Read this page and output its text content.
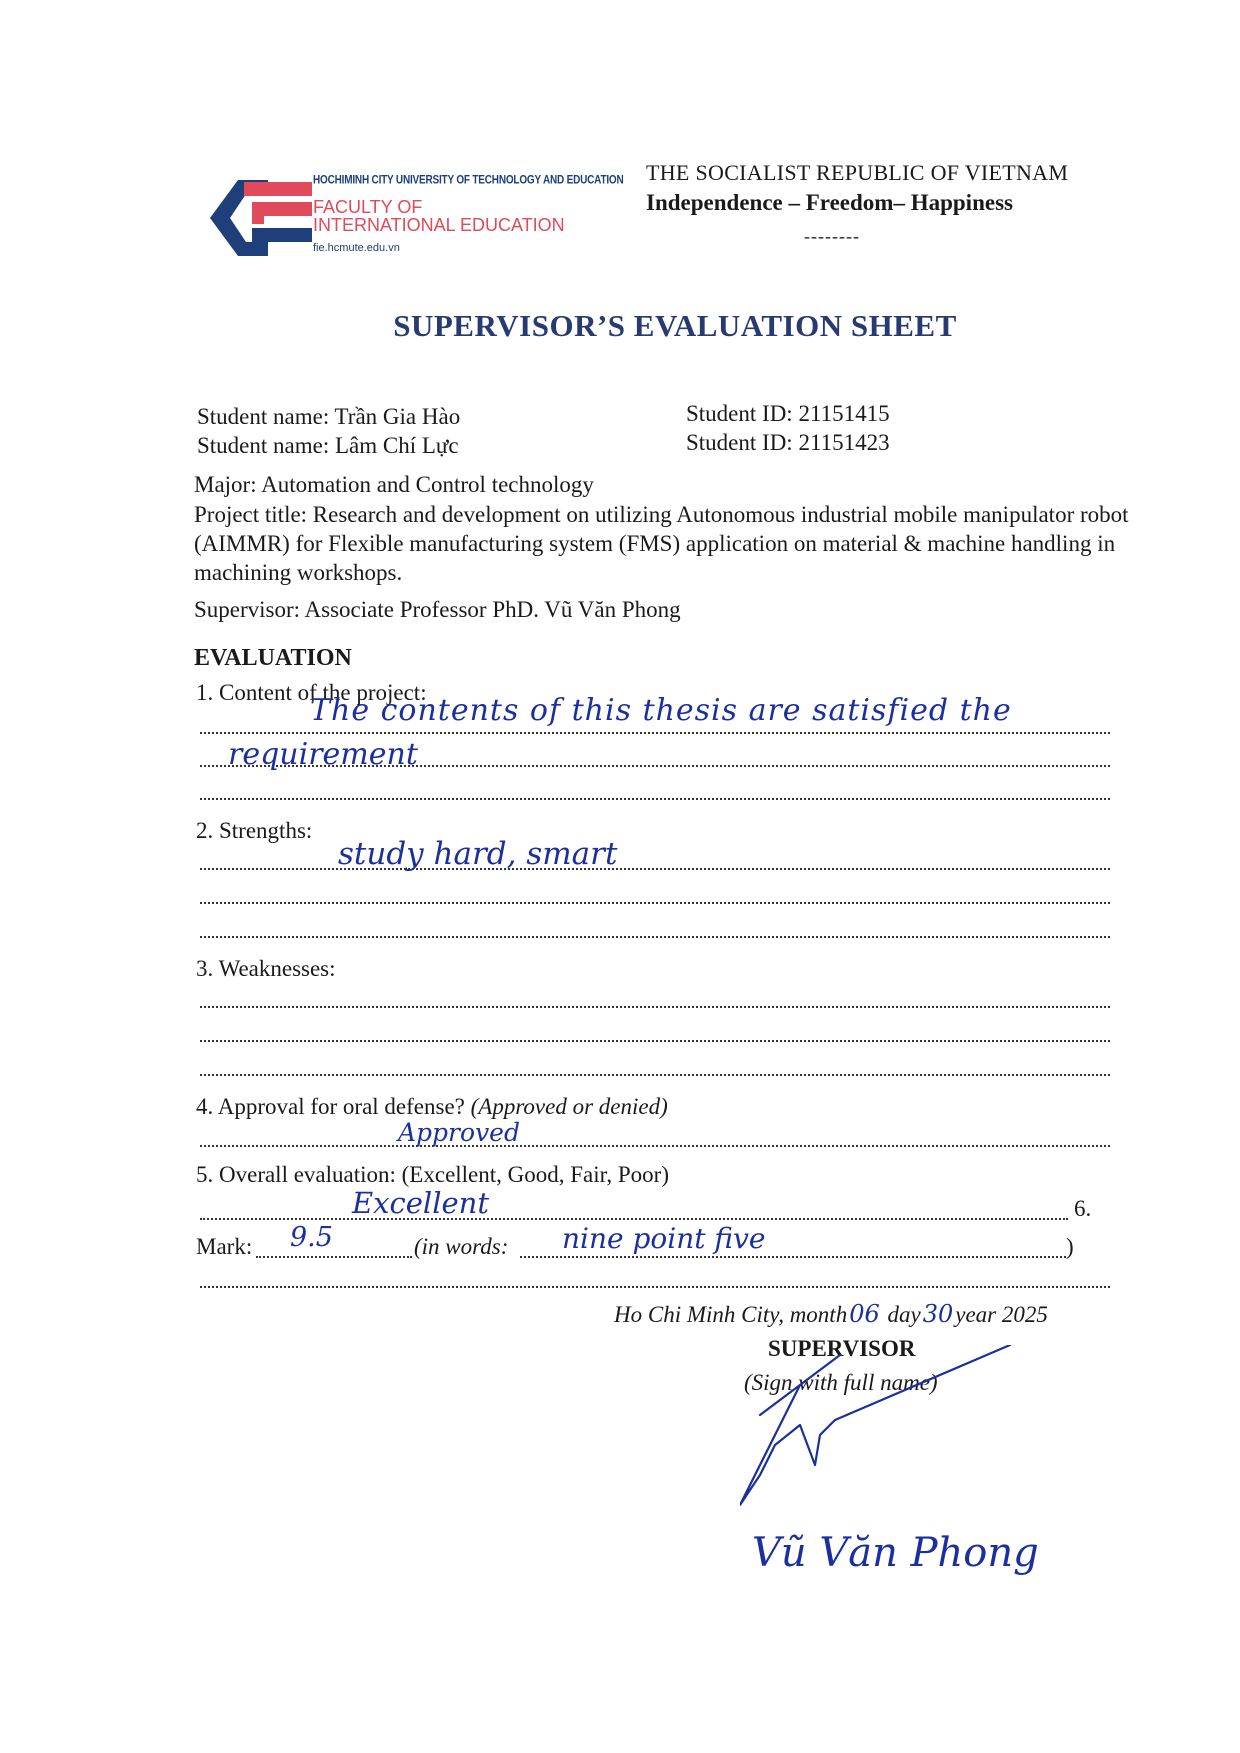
HOCHIMINH CITY UNIVERSITY OF TECHNOLOGY AND EDUCATION
FACULTY OF
INTERNATIONAL EDUCATION
fie.hcmute.edu.vn
THE SOCIALIST REPUBLIC OF VIETNAM
Independence – Freedom– Happiness
--------
SUPERVISOR’S EVALUATION SHEET
Student name: Trần Gia Hào	Student ID: 21151415
Student name: Lâm Chí Lực	Student ID: 21151423
Major: Automation and Control technology
Project title: Research and development on utilizing Autonomous industrial mobile manipulator robot (AIMMR) for Flexible manufacturing system (FMS) application on material & machine handling in machining workshops.
Supervisor: Associate Professor PhD. Vũ Văn Phong
EVALUATION
1. Content of the project:
The contents of this thesis are satisfied the
requirement
2. Strengths:
study hard, smart
3. Weaknesses:
4. Approval for oral defense? (Approved or denied)
Approved
5. Overall evaluation: (Excellent, Good, Fair, Poor)
Excellent	6.
Mark: 9.5	(in words: nine point five	)
Ho Chi Minh City, month06 day30year 2025
SUPERVISOR
(Sign with full name)
Vũ Văn Phong
